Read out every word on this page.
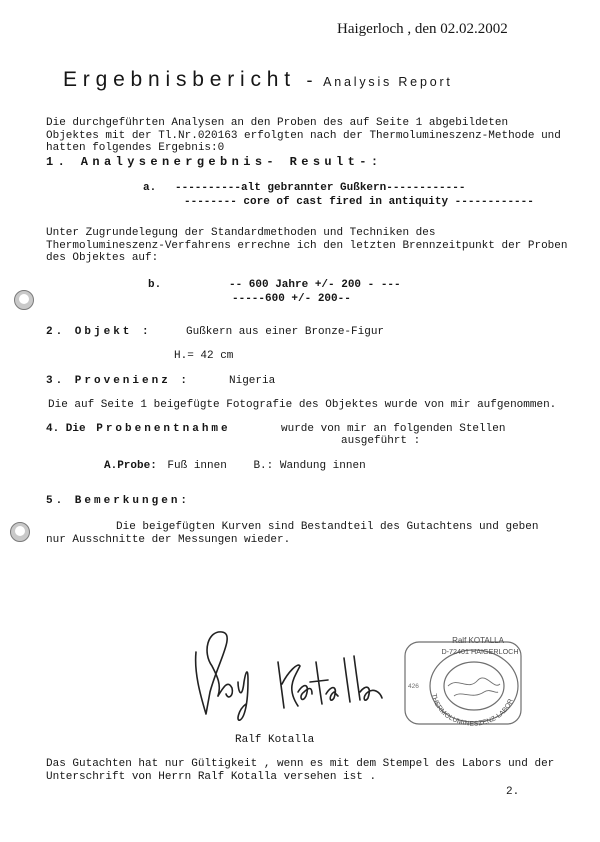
Haigerloch , den 02.02.2002
Ergebnisbericht - Analysis Report
Die durchgeführten Analysen an den Proben des auf Seite 1 abgebildeten
Objektes mit der Tl.Nr.020163 erfolgten nach der Thermolumineszenz-Methode und
hatten folgendes Ergebnis:0
1. Analysenergebnis- Result-:
a. ----------alt gebrannter Gußkern------------
-------- core of cast fired in antiquity ------------
Unter Zugrundelegung der Standardmethoden und Techniken des
Thermolumineszenz-Verfahrens errechne ich den letzten Brennzeitpunkt der Proben
des Objektes auf:
b.	-- 600 Jahre +/- 200 - ---
-----600 +/- 200--
2. Objekt :	Gußkern aus einer Bronze-Figur
H.= 42 cm
3. Provenienz :	Nigeria
Die auf Seite 1 beigefügte Fotografie des Objektes wurde von mir aufgenommen.
4. Die Probenentnahme	wurde von mir an folgenden Stellen
ausgeführt :
A.Probe: Fuß innen B.: Wandung innen
5. Bemerkungen:
Die beigefügten Kurven sind Bestandteil des Gutachtens und geben
nur Ausschnitte der Messungen wieder.
Ralf Kotalla
426
Ralf KOTALLA
D-72401 HAIGERLOCH
THERMOLUMINESZENZ-LABOR
Das Gutachten hat nur Gültigkeit , wenn es mit dem Stempel des Labors und der
Unterschrift von Herrn Ralf Kotalla versehen ist .
2.
